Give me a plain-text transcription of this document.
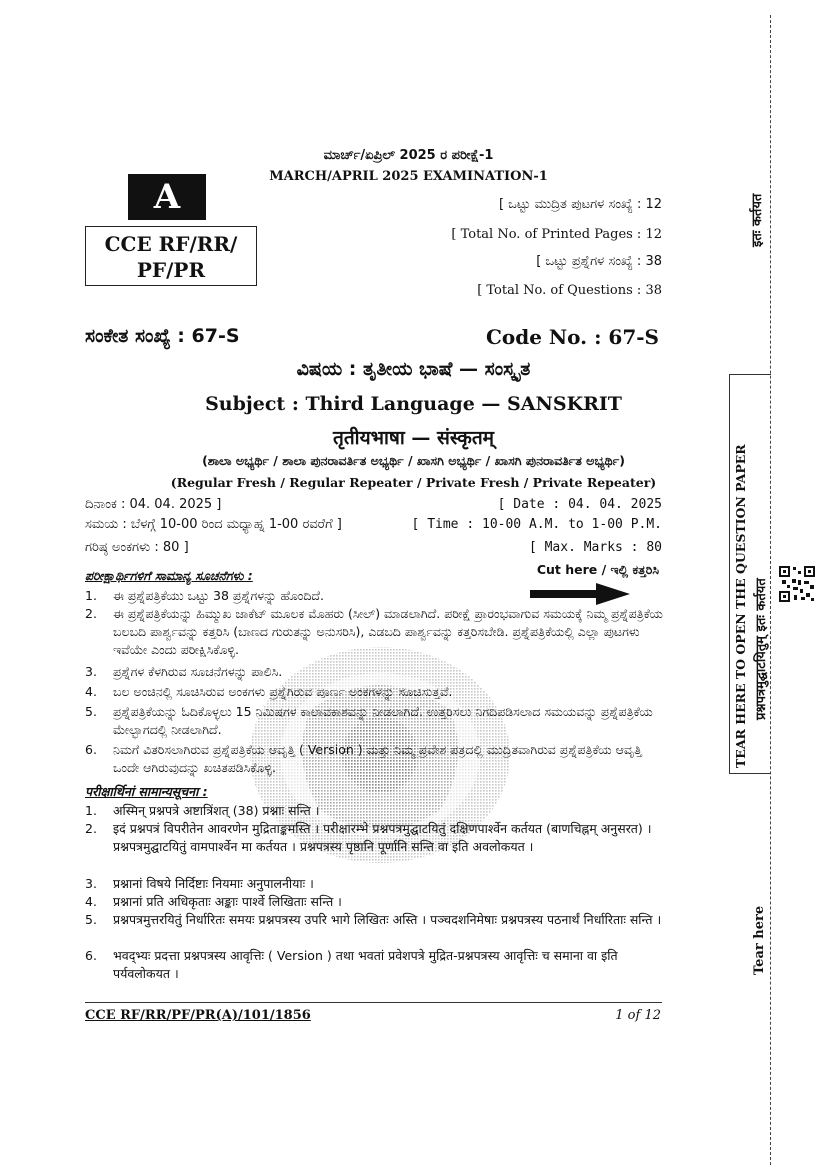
ಮಾರ್ಚ್/ಏಪ್ರಿಲ್ 2025 ರ ಪರೀಕ್ಷೆ-1
MARCH/APRIL 2025 EXAMINATION-1
A
CCE RF/RR/
PF/PR
[ ಒಟ್ಟು ಮುದ್ರಿತ ಪುಟಗಳ ಸಂಖ್ಯೆ : 12
[ Total No. of Printed Pages : 12
[ ಒಟ್ಟು ಪ್ರಶ್ನೆಗಳ ಸಂಖ್ಯೆ : 38
[ Total No. of Questions : 38
ಸಂಕೇತ ಸಂಖ್ಯೆ : 67-S	Code No. : 67-S
ವಿಷಯ : ತೃತೀಯ ಭಾಷೆ — ಸಂಸ್ಕೃತ
Subject : Third Language — SANSKRIT
तृतीयभाषा — संस्कृतम्
(ಶಾಲಾ ಅಭ್ಯರ್ಥಿ / ಶಾಲಾ ಪುನರಾವರ್ತಿತ ಅಭ್ಯರ್ಥಿ / ಖಾಸಗಿ ಅಭ್ಯರ್ಥಿ / ಖಾಸಗಿ ಪುನರಾವರ್ತಿತ ಅಭ್ಯರ್ಥಿ)
(Regular Fresh / Regular Repeater / Private Fresh / Private Repeater)
ದಿನಾಂಕ : 04. 04. 2025 ]	[ Date : 04. 04. 2025
ಸಮಯ : ಬೆಳಗ್ಗೆ 10-00 ರಿಂದ ಮಧ್ಯಾಹ್ನ 1-00 ರವರೆಗೆ ]	[ Time : 10-00 A.M. to 1-00 P.M.
ಗರಿಷ್ಠ ಅಂಕಗಳು : 80 ]	[ Max. Marks : 80
Cut here / ಇಲ್ಲಿ ಕತ್ತರಿಸಿ
ಪರೀಕ್ಷಾರ್ಥಿಗಳಿಗೆ ಸಾಮಾನ್ಯ ಸೂಚನೆಗಳು :
1. ಈ ಪ್ರಶ್ನೆಪತ್ರಿಕೆಯು ಒಟ್ಟು 38 ಪ್ರಶ್ನೆಗಳನ್ನು ಹೊಂದಿದೆ.
2. ಈ ಪ್ರಶ್ನೆಪತ್ರಿಕೆಯನ್ನು ಹಿಮ್ಮುಖ ಜಾಕೆಟ್ ಮೂಲಕ ಮೊಹರು (ಸೀಲ್) ಮಾಡಲಾಗಿದೆ. ಪರೀಕ್ಷೆ ಪ್ರಾರಂಭವಾಗುವ ಸಮಯಕ್ಕೆ ನಿಮ್ಮ ಪ್ರಶ್ನೆಪತ್ರಿಕೆಯ ಬಲಬದಿ ಪಾರ್ಶ್ವವನ್ನು ಕತ್ತರಿಸಿ (ಬಾಣದ ಗುರುತನ್ನು ಅನುಸರಿಸಿ), ಎಡಬದಿ ಪಾರ್ಶ್ವವನ್ನು ಕತ್ತರಿಸಬೇಡಿ. ಪ್ರಶ್ನೆಪತ್ರಿಕೆಯಲ್ಲಿ ಎಲ್ಲಾ ಪುಟಗಳು ಇವೆಯೇ ಎಂದು ಪರೀಕ್ಷಿಸಿಕೊಳ್ಳಿ.
3. ಪ್ರಶ್ನೆಗಳ ಕೆಳಗಿರುವ ಸೂಚನೆಗಳನ್ನು ಪಾಲಿಸಿ.
4. ಬಲ ಅಂಚಿನಲ್ಲಿ ಸೂಚಿಸಿರುವ ಅಂಕಗಳು ಪ್ರಶ್ನೆಗಿರುವ ಪೂರ್ಣ ಅಂಕಗಳನ್ನು ಸೂಚಿಸುತ್ತವೆ.
5. ಪ್ರಶ್ನೆಪತ್ರಿಕೆಯನ್ನು ಓದಿಕೊಳ್ಳಲು 15 ನಿಮಿಷಗಳ ಕಾಲಾವಕಾಶವನ್ನು ನೀಡಲಾಗಿದೆ. ಉತ್ತರಿಸಲು ನಿಗದಿಪಡಿಸಲಾದ ಸಮಯವನ್ನು ಪ್ರಶ್ನೆಪತ್ರಿಕೆಯ ಮೇಲ್ಭಾಗದಲ್ಲಿ ನೀಡಲಾಗಿದೆ.
6. ನಿಮಗೆ ವಿತರಿಸಲಾಗಿರುವ ಪ್ರಶ್ನೆಪತ್ರಿಕೆಯ ಆವೃತ್ತಿ ( Version ) ಮತ್ತು ನಿಮ್ಮ ಪ್ರವೇಶ ಪತ್ರದಲ್ಲಿ ಮುದ್ರಿತವಾಗಿರುವ ಪ್ರಶ್ನೆಪತ್ರಿಕೆಯ ಆವೃತ್ತಿ ಒಂದೇ ಆಗಿರುವುದನ್ನು ಖಚಿತಪಡಿಸಿಕೊಳ್ಳಿ.
परीक्षार्थिनां सामान्यसूचना :
1. अस्मिन् प्रश्नपत्रे अष्टात्रिंशत् (38) प्रश्नाः सन्ति ।
2. इदं प्रश्नपत्रं विपरीतेन आवरणेन मुद्रिताङ्कमस्ति । परीक्षारम्भे प्रश्नपत्रमुद्घाटयितुं दक्षिणपार्श्वेन कर्तयत (बाणचिह्नम् अनुसरत) । प्रश्नपत्रमुद्घाटयितुं वामपार्श्वेन मा कर्तयत । प्रश्नपत्रस्य पृष्ठानि पूर्णानि सन्ति वा इति अवलोकयत ।
3. प्रश्नानां विषये निर्दिष्टाः नियमाः अनुपालनीयाः ।
4. प्रश्नानां प्रति अधिकृताः अङ्काः पार्श्वे लिखिताः सन्ति ।
5. प्रश्नपत्रमुत्तरयितुं निर्धारितः समयः प्रश्नपत्रस्य उपरि भागे लिखितः अस्ति । पञ्चदशनिमेषाः प्रश्नपत्रस्य पठनार्थं निर्धारिताः सन्ति ।
6. भवद्भ्यः प्रदत्ता प्रश्नपत्रस्य आवृत्तिः ( Version ) तथा भवतां प्रवेशपत्रे मुद्रित-प्रश्नपत्रस्य आवृत्तिः च समाना वा इति पर्यवलोकयत ।
CCE RF/RR/PF/PR(A)/101/1856	1 of 12
इतः कर्तयत
TEAR HERE TO OPEN THE QUESTION PAPER प्रश्नपत्रमुद्घाटयितुम् इतः कर्तयत
Tear here
